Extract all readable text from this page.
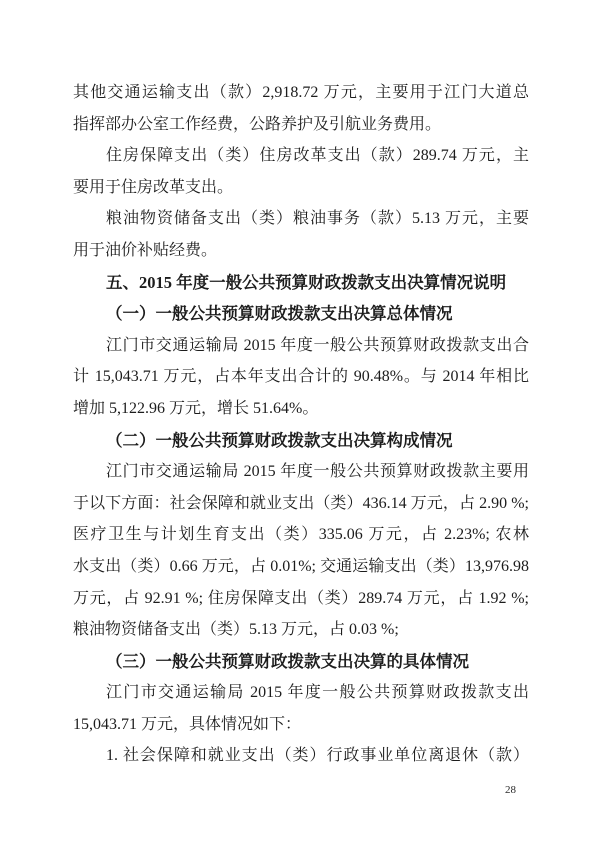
其他交通运输支出（款）2,918.72 万元，主要用于江门大道总
指挥部办公室工作经费，公路养护及引航业务费用。
住房保障支出（类）住房改革支出（款）289.74 万元，主
要用于住房改革支出。
粮油物资储备支出（类）粮油事务（款）5.13 万元，主要
用于油价补贴经费。
五、2015 年度一般公共预算财政拨款支出决算情况说明
（一）一般公共预算财政拨款支出决算总体情况
江门市交通运输局 2015 年度一般公共预算财政拨款支出合
计 15,043.71 万元，占本年支出合计的 90.48%。与 2014 年相比
增加 5,122.96 万元，增长 51.64%。
（二）一般公共预算财政拨款支出决算构成情况
江门市交通运输局 2015 年度一般公共预算财政拨款主要用
于以下方面：社会保障和就业支出（类）436.14 万元，占 2.90 %;
医疗卫生与计划生育支出（类）335.06 万元，占 2.23%; 农林
水支出（类）0.66 万元，占 0.01%; 交通运输支出（类）13,976.98
万元，占 92.91 %; 住房保障支出（类）289.74 万元，占 1.92 %;
粮油物资储备支出（类）5.13 万元，占 0.03 %;
（三）一般公共预算财政拨款支出决算的具体情况
江门市交通运输局 2015 年度一般公共预算财政拨款支出
15,043.71 万元，具体情况如下：
1. 社会保障和就业支出（类）行政事业单位离退休（款）
28
